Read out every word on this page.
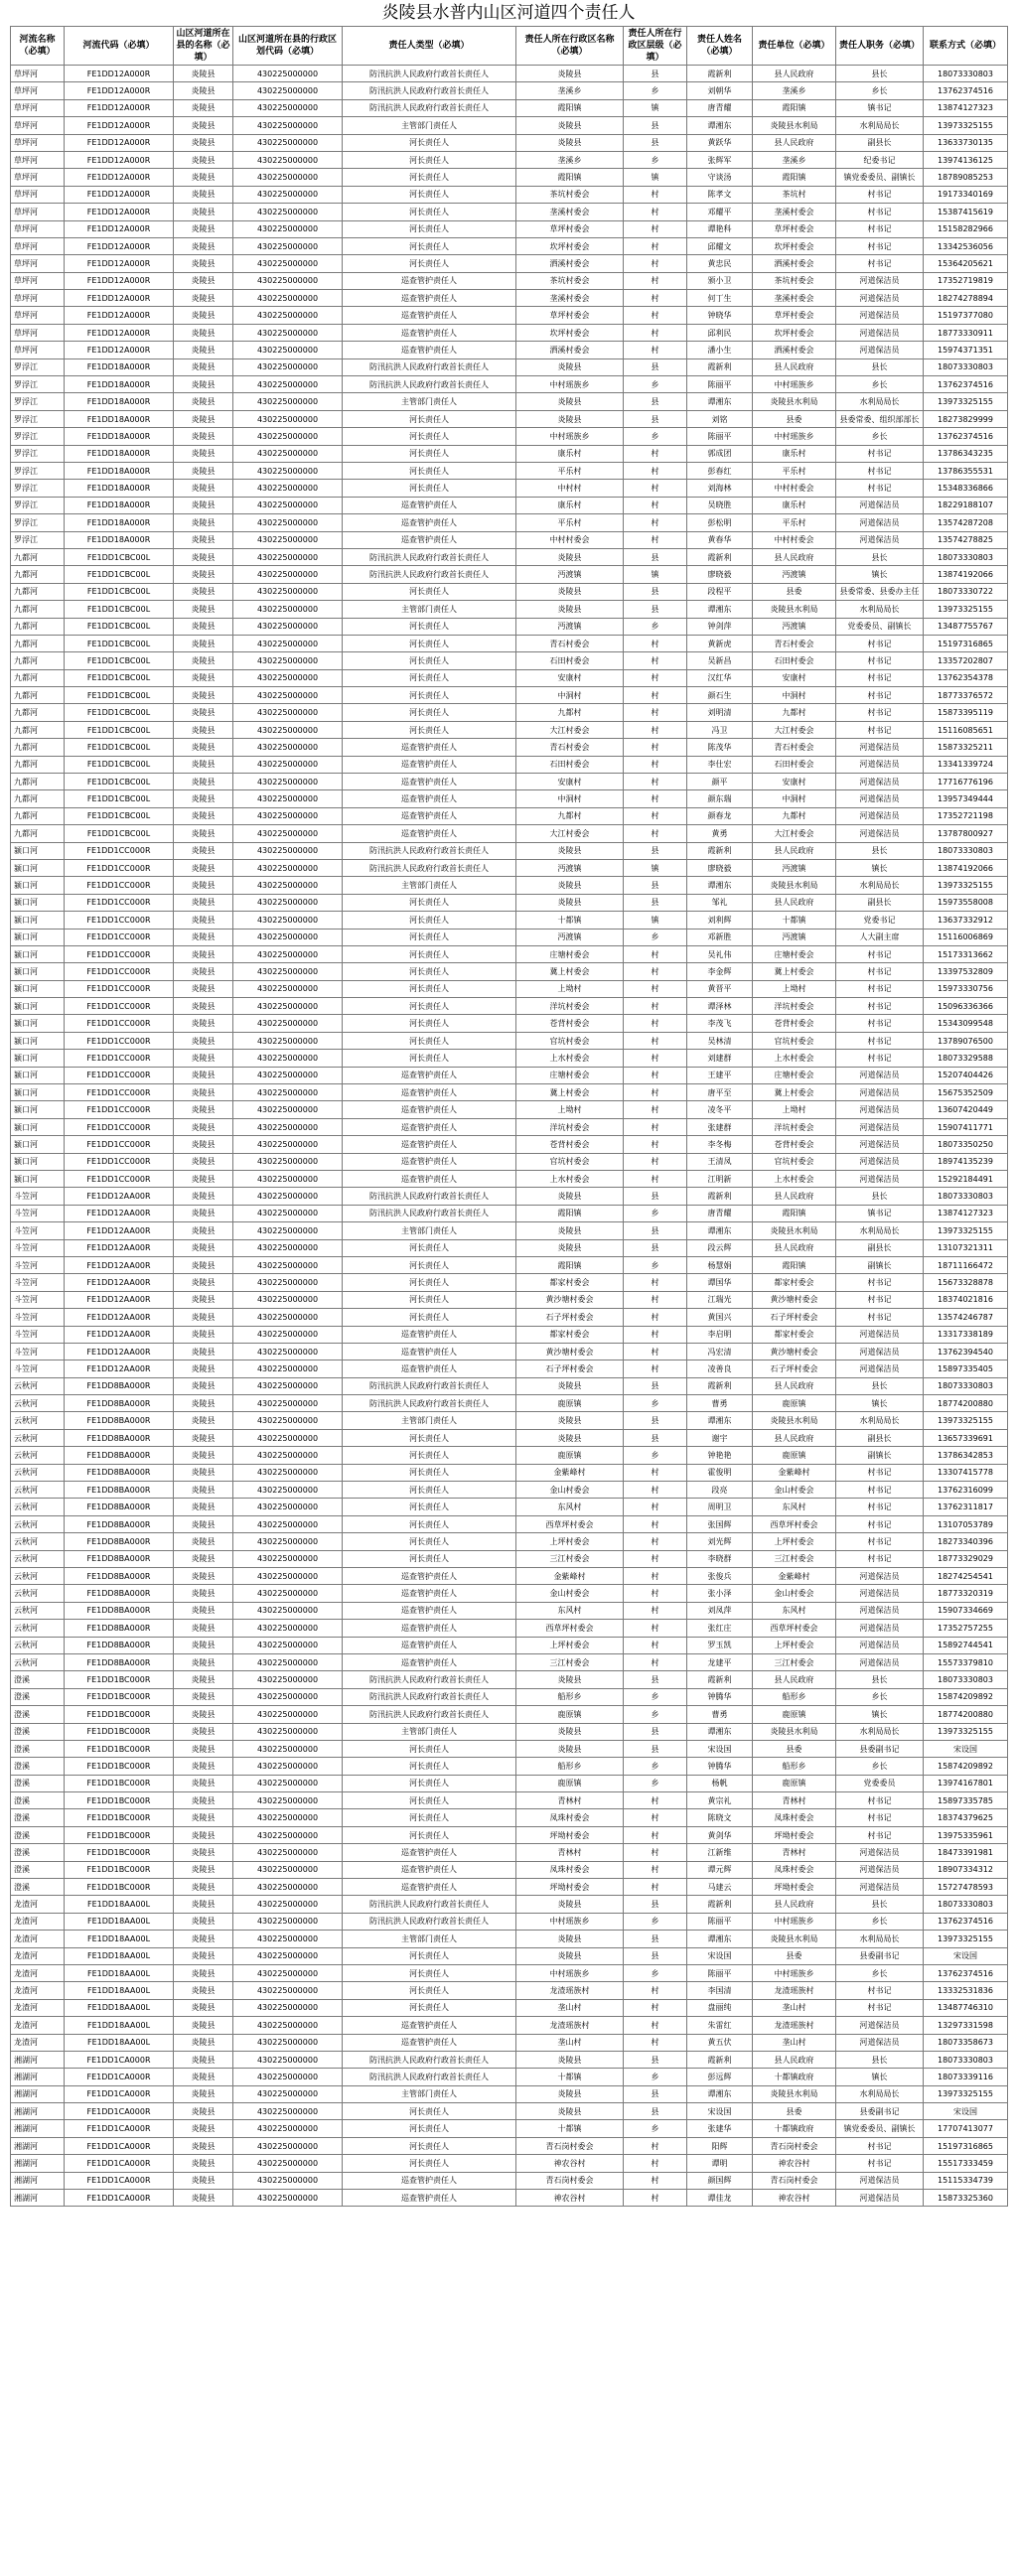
炎陵县水普内山区河道四个责任人
河流名称（必填）	河流代码（必填）	山区河道所在县的名称（必填）	山区河道所在县的行政区划代码（必填）	责任人类型（必填）	责任人所在行政区名称（必填）	责任人所在行政区层级（必填）	责任人姓名（必填）	责任单位（必填）	责任人职务（必填）	联系方式（必填）
草坪河	FE1DD12A000R	炎陵县	430225000000	防汛抗洪人民政府行政首长责任人	炎陵县	县	霞新利	县人民政府	县长	18073330803
草坪河	FE1DD12A000R	炎陵县	430225000000	防汛抗洪人民政府行政首长责任人	垄溪乡	乡	刘朝华	垄溪乡	乡长	13762374516
草坪河	FE1DD12A000R	炎陵县	430225000000	防汛抗洪人民政府行政首长责任人	霞阳镇	镇	唐青耀	霞阳镇	镇书记	13874127323
草坪河	FE1DD12A000R	炎陵县	430225000000	主管部门责任人	炎陵县	县	谭湘东	炎陵县水利局	水利局局长	13973325155
草坪河	FE1DD12A000R	炎陵县	430225000000	河长责任人	炎陵县	县	黄跃华	县人民政府	副县长	13633730135
草坪河	FE1DD12A000R	炎陵县	430225000000	河长责任人	垄溪乡	乡	张辉军	垄溪乡	纪委书记	13974136125
草坪河	FE1DD12A000R	炎陵县	430225000000	河长责任人	霞阳镇	镇	守谈汤	霞阳镇	镇党委委员、副镇长	18789085253
草坪河	FE1DD12A000R	炎陵县	430225000000	河长责任人	茶坑村委会	村	陈孝文	茶坑村	村书记	19173340169
草坪河	FE1DD12A000R	炎陵县	430225000000	河长责任人	垄溪村委会	村	邓耀平	垄溪村委会	村书记	15387415619
草坪河	FE1DD12A000R	炎陵县	430225000000	河长责任人	草坪村委会	村	谭艳科	草坪村委会	村书记	15158282966
草坪河	FE1DD12A000R	炎陵县	430225000000	河长责任人	坎坪村委会	村	邱耀文	坎坪村委会	村书记	13342536056
草坪河	FE1DD12A000R	炎陵县	430225000000	河长责任人	洒溪村委会	村	黄忠民	洒溪村委会	村书记	15364205621
草坪河	FE1DD12A000R	炎陵县	430225000000	巡查管护责任人	茶坑村委会	村	颁小卫	茶坑村委会	河道保洁员	17352719819
草坪河	FE1DD12A000R	炎陵县	430225000000	巡查管护责任人	垄溪村委会	村	何丁生	垄溪村委会	河道保洁员	18274278894
草坪河	FE1DD12A000R	炎陵县	430225000000	巡查管护责任人	草坪村委会	村	钟晓华	草坪村委会	河道保洁员	15197377080
草坪河	FE1DD12A000R	炎陵县	430225000000	巡查管护责任人	坎坪村委会	村	邱利民	坎坪村委会	河道保洁员	18773330911
草坪河	FE1DD12A000R	炎陵县	430225000000	巡查管护责任人	洒溪村委会	村	潘小生	洒溪村委会	河道保洁员	15974371351
罗浮江	FE1DD18A000R	炎陵县	430225000000	防汛抗洪人民政府行政首长责任人	炎陵县	县	霞新利	县人民政府	县长	18073330803
罗浮江	FE1DD18A000R	炎陵县	430225000000	防汛抗洪人民政府行政首长责任人	中村瑶族乡	乡	陈丽平	中村瑶族乡	乡长	13762374516
罗浮江	FE1DD18A000R	炎陵县	430225000000	主管部门责任人	炎陵县	县	谭湘东	炎陵县水利局	水利局局长	13973325155
罗浮江	FE1DD18A000R	炎陵县	430225000000	河长责任人	炎陵县	县	刘铭	县委	县委常委、组织部部长	18273829999
罗浮江	FE1DD18A000R	炎陵县	430225000000	河长责任人	中村瑶族乡	乡	陈丽平	中村瑶族乡	乡长	13762374516
罗浮江	FE1DD18A000R	炎陵县	430225000000	河长责任人	康乐村	村	郭成团	康乐村	村书记	13786343235
罗浮江	FE1DD18A000R	炎陵县	430225000000	河长责任人	平乐村	村	彭春红	平乐村	村书记	13786355531
罗浮江	FE1DD18A000R	炎陵县	430225000000	河长责任人	中村村	村	刘海林	中村村委会	村书记	15348336866
罗浮江	FE1DD18A000R	炎陵县	430225000000	巡查管护责任人	康乐村	村	吴晓胜	康乐村	河道保洁员	18229188107
罗浮江	FE1DD18A000R	炎陵县	430225000000	巡查管护责任人	平乐村	村	彭松明	平乐村	河道保洁员	13574287208
罗浮江	FE1DD18A000R	炎陵县	430225000000	巡查管护责任人	中村村委会	村	黄春华	中村村委会	河道保洁员	13574278825
九都河	FE1DD1CBC00L	炎陵县	430225000000	防汛抗洪人民政府行政首长责任人	炎陵县	县	霞新利	县人民政府	县长	18073330803
九都河	FE1DD1CBC00L	炎陵县	430225000000	防汛抗洪人民政府行政首长责任人	沔渡镇	镇	廖晓毅	沔渡镇	镇长	13874192066
九都河	FE1DD1CBC00L	炎陵县	430225000000	河长责任人	炎陵县	县	段程平	县委	县委常委、县委办主任	18073330722
九都河	FE1DD1CBC00L	炎陵县	430225000000	主管部门责任人	炎陵县	县	谭湘东	炎陵县水利局	水利局局长	13973325155
九都河	FE1DD1CBC00L	炎陵县	430225000000	河长责任人	沔渡镇	乡	钟剑萍	沔渡镇	党委委员、副镇长	13487755767
九都河	FE1DD1CBC00L	炎陵县	430225000000	河长责任人	青石村委会	村	黄新虎	青石村委会	村书记	15197316865
九都河	FE1DD1CBC00L	炎陵县	430225000000	河长责任人	石田村委会	村	吴新昌	石田村委会	村书记	13357202807
九都河	FE1DD1CBC00L	炎陵县	430225000000	河长责任人	安康村	村	汉红华	安康村	村书记	13762354378
九都河	FE1DD1CBC00L	炎陵县	430225000000	河长责任人	中洞村	村	颜石生	中洞村	村书记	18773376572
九都河	FE1DD1CBC00L	炎陵县	430225000000	河长责任人	九都村	村	刘明清	九都村	村书记	15873395119
九都河	FE1DD1CBC00L	炎陵县	430225000000	河长责任人	大江村委会	村	冯卫	大江村委会	村书记	15116085651
九都河	FE1DD1CBC00L	炎陵县	430225000000	巡查管护责任人	青石村委会	村	陈茂华	青石村委会	河道保洁员	15873325211
九都河	FE1DD1CBC00L	炎陵县	430225000000	巡查管护责任人	石田村委会	村	李仕宏	石田村委会	河道保洁员	13341339724
九都河	FE1DD1CBC00L	炎陵县	430225000000	巡查管护责任人	安康村	村	颜平	安康村	河道保洁员	17716776196
九都河	FE1DD1CBC00L	炎陵县	430225000000	巡查管护责任人	中洞村	村	颜东瑞	中洞村	河道保洁员	13957349444
九都河	FE1DD1CBC00L	炎陵县	430225000000	巡查管护责任人	九都村	村	颜春龙	九都村	河道保洁员	17352721198
九都河	FE1DD1CBC00L	炎陵县	430225000000	巡查管护责任人	大江村委会	村	黄勇	大江村委会	河道保洁员	13787800927
颍口河	FE1DD1CC000R	炎陵县	430225000000	防汛抗洪人民政府行政首长责任人	炎陵县	县	霞新利	县人民政府	县长	18073330803
颍口河	FE1DD1CC000R	炎陵县	430225000000	防汛抗洪人民政府行政首长责任人	沔渡镇	镇	廖晓毅	沔渡镇	镇长	13874192066
颍口河	FE1DD1CC000R	炎陵县	430225000000	主管部门责任人	炎陵县	县	谭湘东	炎陵县水利局	水利局局长	13973325155
颍口河	FE1DD1CC000R	炎陵县	430225000000	河长责任人	炎陵县	县	邹礼	县人民政府	副县长	15973558008
颍口河	FE1DD1CC000R	炎陵县	430225000000	河长责任人	十都镇	镇	刘利辉	十都镇	党委书记	13637332912
颍口河	FE1DD1CC000R	炎陵县	430225000000	河长责任人	沔渡镇	乡	邓新胜	沔渡镇	人大副主席	15116006869
颍口河	FE1DD1CC000R	炎陵县	430225000000	河长责任人	庄塘村委会	村	吴礼伟	庄塘村委会	村书记	15173313662
颍口河	FE1DD1CC000R	炎陵县	430225000000	河长责任人	冀上村委会	村	李金辉	冀上村委会	村书记	13397532809
颍口河	FE1DD1CC000R	炎陵县	430225000000	河长责任人	上坳村	村	黄晋平	上坳村	村书记	15973330756
颍口河	FE1DD1CC000R	炎陵县	430225000000	河长责任人	洋坑村委会	村	谭泽林	洋坑村委会	村书记	15096336366
颍口河	FE1DD1CC000R	炎陵县	430225000000	河长责任人	苍背村委会	村	李茂飞	苍背村委会	村书记	15343099548
颍口河	FE1DD1CC000R	炎陵县	430225000000	河长责任人	官坑村委会	村	吴林清	官坑村委会	村书记	13789076500
颍口河	FE1DD1CC000R	炎陵县	430225000000	河长责任人	上水村委会	村	刘建群	上水村委会	村书记	18073329588
颍口河	FE1DD1CC000R	炎陵县	430225000000	巡查管护责任人	庄塘村委会	村	王建平	庄塘村委会	河道保洁员	15207404426
颍口河	FE1DD1CC000R	炎陵县	430225000000	巡查管护责任人	冀上村委会	村	唐平至	冀上村委会	河道保洁员	15675352509
颍口河	FE1DD1CC000R	炎陵县	430225000000	巡查管护责任人	上坳村	村	凌冬平	上坳村	河道保洁员	13607420449
颍口河	FE1DD1CC000R	炎陵县	430225000000	巡查管护责任人	洋坑村委会	村	张建群	洋坑村委会	河道保洁员	15907411771
颍口河	FE1DD1CC000R	炎陵县	430225000000	巡查管护责任人	苍背村委会	村	李冬梅	苍背村委会	河道保洁员	18073350250
颍口河	FE1DD1CC000R	炎陵县	430225000000	巡查管护责任人	官坑村委会	村	王清凤	官坑村委会	河道保洁员	18974135239
颍口河	FE1DD1CC000R	炎陵县	430225000000	巡查管护责任人	上水村委会	村	江明新	上水村委会	河道保洁员	15292184491
斗笠河	FE1DD12AA00R	炎陵县	430225000000	防汛抗洪人民政府行政首长责任人	炎陵县	县	霞新利	县人民政府	县长	18073330803
斗笠河	FE1DD12AA00R	炎陵县	430225000000	防汛抗洪人民政府行政首长责任人	霞阳镇	乡	唐青耀	霞阳镇	镇书记	13874127323
斗笠河	FE1DD12AA00R	炎陵县	430225000000	主管部门责任人	炎陵县	县	谭湘东	炎陵县水利局	水利局局长	13973325155
斗笠河	FE1DD12AA00R	炎陵县	430225000000	河长责任人	炎陵县	县	段云辉	县人民政府	副县长	13107321311
斗笠河	FE1DD12AA00R	炎陵县	430225000000	河长责任人	霞阳镇	乡	杨慧娟	霞阳镇	副镇长	18711166472
斗笠河	FE1DD12AA00R	炎陵县	430225000000	河长责任人	都家村委会	村	谭国华	都家村委会	村书记	15673328878
斗笠河	FE1DD12AA00R	炎陵县	430225000000	河长责任人	黄沙塘村委会	村	江瑞光	黄沙塘村委会	村书记	18374021816
斗笠河	FE1DD12AA00R	炎陵县	430225000000	河长责任人	石子坪村委会	村	黄国兴	石子坪村委会	村书记	13574246787
斗笠河	FE1DD12AA00R	炎陵县	430225000000	巡查管护责任人	都家村委会	村	李启明	都家村委会	河道保洁员	13317338189
斗笠河	FE1DD12AA00R	炎陵县	430225000000	巡查管护责任人	黄沙塘村委会	村	冯宏清	黄沙塘村委会	河道保洁员	13762394540
斗笠河	FE1DD12AA00R	炎陵县	430225000000	巡查管护责任人	石子坪村委会	村	凌善良	石子坪村委会	河道保洁员	15897335405
云秋河	FE1DD8BA000R	炎陵县	430225000000	防汛抗洪人民政府行政首长责任人	炎陵县	县	霞新利	县人民政府	县长	18073330803
云秋河	FE1DD8BA000R	炎陵县	430225000000	防汛抗洪人民政府行政首长责任人	鹿原镇	乡	曹勇	鹿原镇	镇长	18774200880
云秋河	FE1DD8BA000R	炎陵县	430225000000	主管部门责任人	炎陵县	县	谭湘东	炎陵县水利局	水利局局长	13973325155
云秋河	FE1DD8BA000R	炎陵县	430225000000	河长责任人	炎陵县	县	谢宇	县人民政府	副县长	13657339691
云秋河	FE1DD8BA000R	炎陵县	430225000000	河长责任人	鹿原镇	乡	钟艳艳	鹿原镇	副镇长	13786342853
云秋河	FE1DD8BA000R	炎陵县	430225000000	河长责任人	金紫峰村	村	霍俊明	金紫峰村	村书记	13307415778
云秋河	FE1DD8BA000R	炎陵县	430225000000	河长责任人	金山村委会	村	段亮	金山村委会	村书记	13762316099
云秋河	FE1DD8BA000R	炎陵县	430225000000	河长责任人	东风村	村	周明卫	东风村	村书记	13762311817
云秋河	FE1DD8BA000R	炎陵县	430225000000	河长责任人	西草坪村委会	村	张国辉	西草坪村委会	村书记	13107053789
云秋河	FE1DD8BA000R	炎陵县	430225000000	河长责任人	上坪村委会	村	刘光辉	上坪村委会	村书记	18273340396
云秋河	FE1DD8BA000R	炎陵县	430225000000	河长责任人	三江村委会	村	李晓群	三江村委会	村书记	18773329029
云秋河	FE1DD8BA000R	炎陵县	430225000000	巡查管护责任人	金紫峰村	村	张俊兵	金紫峰村	河道保洁员	18274254541
云秋河	FE1DD8BA000R	炎陵县	430225000000	巡查管护责任人	金山村委会	村	张小泽	金山村委会	河道保洁员	18773320319
云秋河	FE1DD8BA000R	炎陵县	430225000000	巡查管护责任人	东风村	村	刘凤萍	东风村	河道保洁员	15907334669
云秋河	FE1DD8BA000R	炎陵县	430225000000	巡查管护责任人	西草坪村委会	村	张红庄	西草坪村委会	河道保洁员	17352757255
云秋河	FE1DD8BA000R	炎陵县	430225000000	巡查管护责任人	上坪村委会	村	罗玉凯	上坪村委会	河道保洁员	15892744541
云秋河	FE1DD8BA000R	炎陵县	430225000000	巡查管护责任人	三江村委会	村	龙建平	三江村委会	河道保洁员	15573379810
澄溪	FE1DD1BC000R	炎陵县	430225000000	防汛抗洪人民政府行政首长责任人	炎陵县	县	霞新利	县人民政府	县长	18073330803
澄溪	FE1DD1BC000R	炎陵县	430225000000	防汛抗洪人民政府行政首长责任人	船形乡	乡	钟腾华	船形乡	乡长	15874209892
澄溪	FE1DD1BC000R	炎陵县	430225000000	防汛抗洪人民政府行政首长责任人	鹿原镇	乡	曹勇	鹿原镇	镇长	18774200880
澄溪	FE1DD1BC000R	炎陵县	430225000000	主管部门责任人	炎陵县	县	谭湘东	炎陵县水利局	水利局局长	13973325155
澄溪	FE1DD1BC000R	炎陵县	430225000000	河长责任人	炎陵县	县	宋设国	县委	县委副书记	宋设国
澄溪	FE1DD1BC000R	炎陵县	430225000000	河长责任人	船形乡	乡	钟腾华	船形乡	乡长	15874209892
澄溪	FE1DD1BC000R	炎陵县	430225000000	河长责任人	鹿原镇	乡	杨帆	鹿原镇	党委委员	13974167801
澄溪	FE1DD1BC000R	炎陵县	430225000000	河长责任人	青林村	村	黄宗礼	青林村	村书记	15897335785
澄溪	FE1DD1BC000R	炎陵县	430225000000	河长责任人	凤珠村委会	村	陈晓文	凤珠村委会	村书记	18374379625
澄溪	FE1DD1BC000R	炎陵县	430225000000	河长责任人	坪坳村委会	村	黄剑华	坪坳村委会	村书记	13975335961
澄溪	FE1DD1BC000R	炎陵县	430225000000	巡查管护责任人	青林村	村	江新维	青林村	河道保洁员	18473391981
澄溪	FE1DD1BC000R	炎陵县	430225000000	巡查管护责任人	凤珠村委会	村	谭元辉	凤珠村委会	河道保洁员	18907334312
澄溪	FE1DD1BC000R	炎陵县	430225000000	巡查管护责任人	坪坳村委会	村	马建云	坪坳村委会	河道保洁员	15727478593
龙渣河	FE1DD18AA00L	炎陵县	430225000000	防汛抗洪人民政府行政首长责任人	炎陵县	县	霞新利	县人民政府	县长	18073330803
龙渣河	FE1DD18AA00L	炎陵县	430225000000	防汛抗洪人民政府行政首长责任人	中村瑶族乡	乡	陈丽平	中村瑶族乡	乡长	13762374516
龙渣河	FE1DD18AA00L	炎陵县	430225000000	主管部门责任人	炎陵县	县	谭湘东	炎陵县水利局	水利局局长	13973325155
龙渣河	FE1DD18AA00L	炎陵县	430225000000	河长责任人	炎陵县	县	宋设国	县委	县委副书记	宋设国
龙渣河	FE1DD18AA00L	炎陵县	430225000000	河长责任人	中村瑶族乡	乡	陈丽平	中村瑶族乡	乡长	13762374516
龙渣河	FE1DD18AA00L	炎陵县	430225000000	河长责任人	龙渣瑶族村	村	李国清	龙渣瑶族村	村书记	13332531836
龙渣河	FE1DD18AA00L	炎陵县	430225000000	河长责任人	垄山村	村	盘丽纯	垄山村	村书记	13487746310
龙渣河	FE1DD18AA00L	炎陵县	430225000000	巡查管护责任人	龙渣瑶族村	村	朱雷红	龙渣瑶族村	河道保洁员	13297331598
龙渣河	FE1DD18AA00L	炎陵县	430225000000	巡查管护责任人	垄山村	村	黄五伏	垄山村	河道保洁员	18073358673
湘湖河	FE1DD1CA000R	炎陵县	430225000000	防汛抗洪人民政府行政首长责任人	炎陵县	县	霞新利	县人民政府	县长	18073330803
湘湖河	FE1DD1CA000R	炎陵县	430225000000	防汛抗洪人民政府行政首长责任人	十都镇	乡	彭远辉	十都镇政府	镇长	18073339116
湘湖河	FE1DD1CA000R	炎陵县	430225000000	主管部门责任人	炎陵县	县	谭湘东	炎陵县水利局	水利局局长	13973325155
湘湖河	FE1DD1CA000R	炎陵县	430225000000	河长责任人	炎陵县	县	宋设国	县委	县委副书记	宋设国
湘湖河	FE1DD1CA000R	炎陵县	430225000000	河长责任人	十都镇	乡	张建华	十都镇政府	镇党委委员、副镇长	17707413077
湘湖河	FE1DD1CA000R	炎陵县	430225000000	河长责任人	青石岗村委会	村	阳辉	青石岗村委会	村书记	15197316865
湘湖河	FE1DD1CA000R	炎陵县	430225000000	河长责任人	神农谷村	村	谭明	神农谷村	村书记	15517333459
湘湖河	FE1DD1CA000R	炎陵县	430225000000	巡查管护责任人	青石岗村委会	村	颜国辉	青石岗村委会	河道保洁员	15115334739
湘湖河	FE1DD1CA000R	炎陵县	430225000000	巡查管护责任人	神农谷村	村	谭佳龙	神农谷村	河道保洁员	15873325360
